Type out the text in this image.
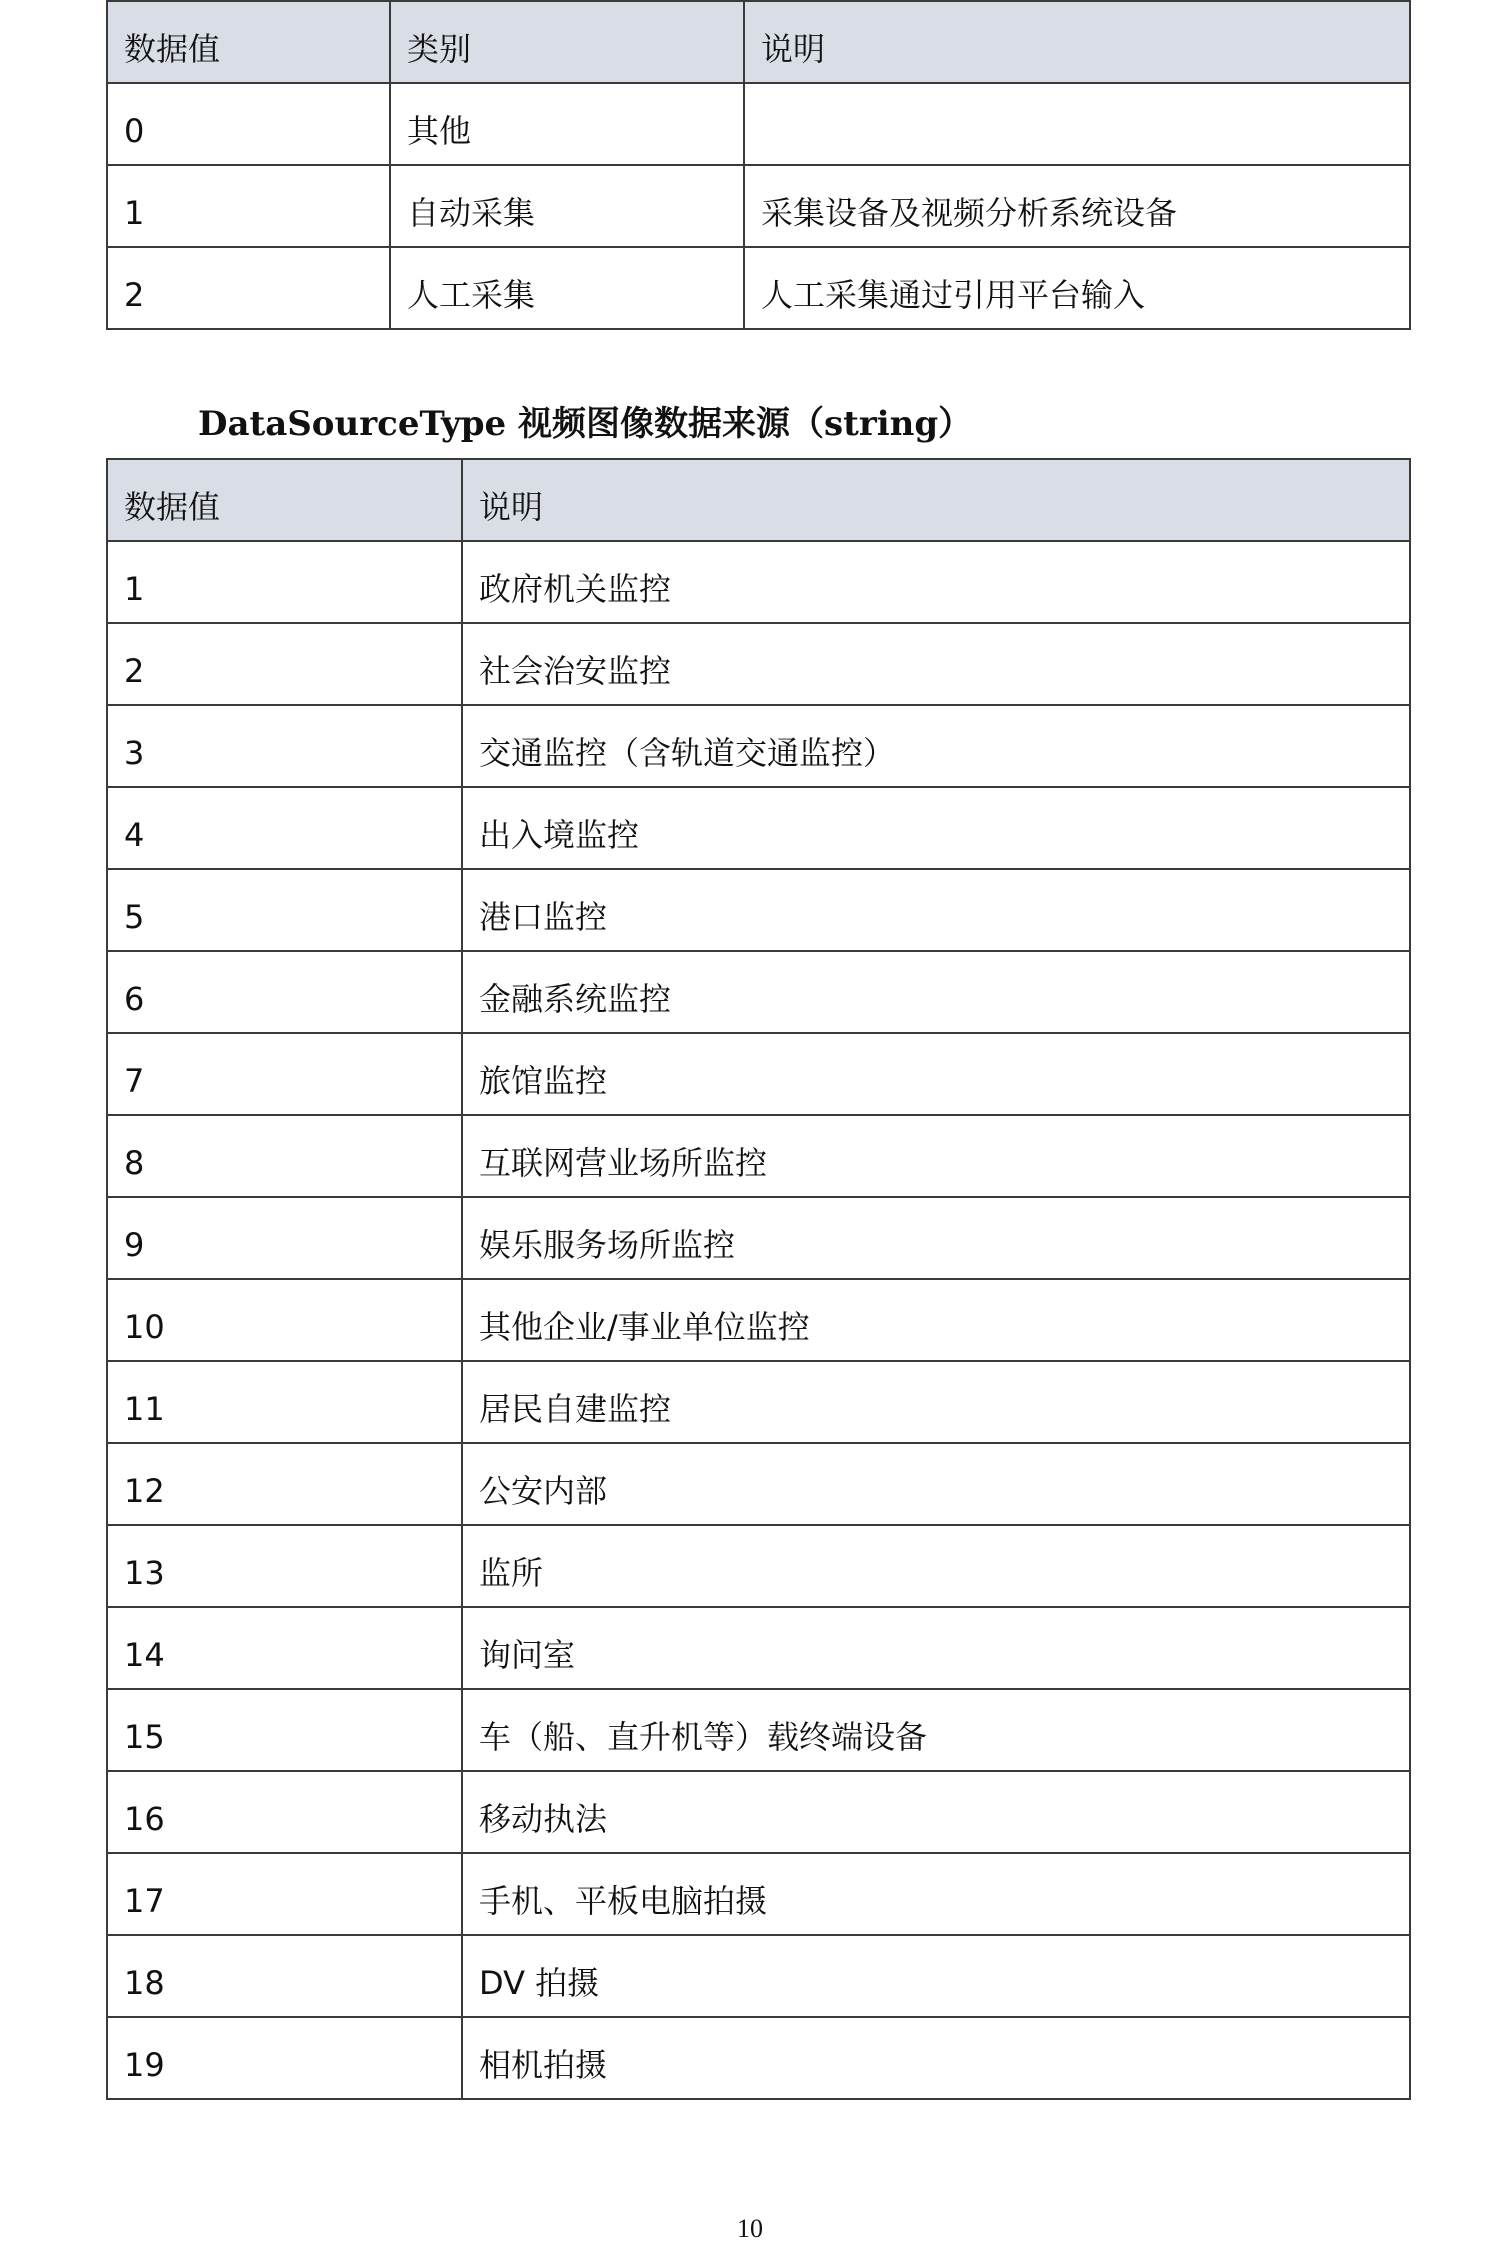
数据值	类别	说明
0	其他	
1	自动采集	采集设备及视频分析系统设备
2	人工采集	人工采集通过引用平台输入
DataSourceType 视频图像数据来源（string）
数据值	说明
1	政府机关监控
2	社会治安监控
3	交通监控（含轨道交通监控）
4	出入境监控
5	港口监控
6	金融系统监控
7	旅馆监控
8	互联网营业场所监控
9	娱乐服务场所监控
10	其他企业/事业单位监控
11	居民自建监控
12	公安内部
13	监所
14	询问室
15	车（船、直升机等）载终端设备
16	移动执法
17	手机、平板电脑拍摄
18	DV 拍摄
19	相机拍摄
10
